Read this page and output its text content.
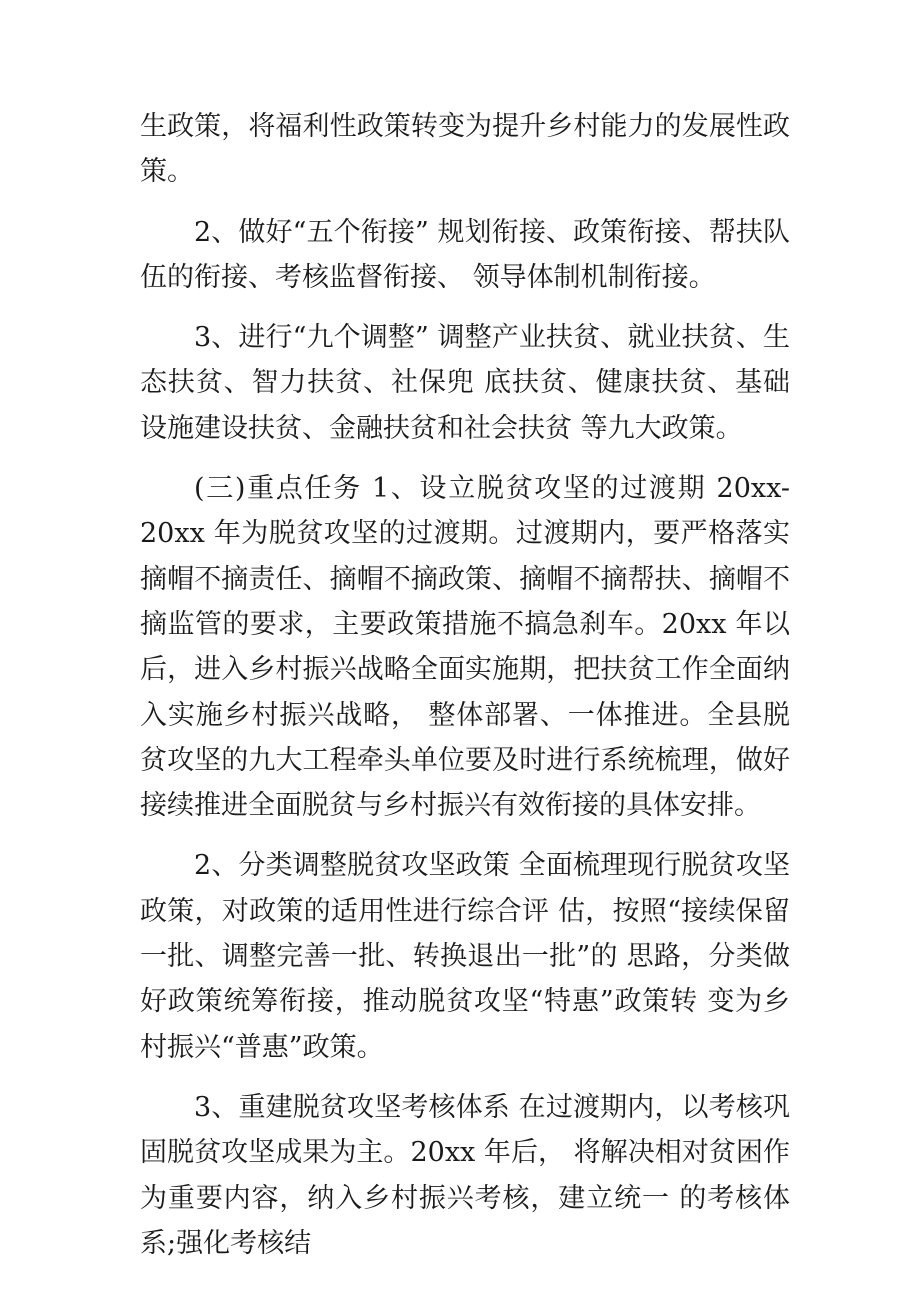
生政策，将福利性政策转变为提升乡村能力的发展性政 策。

2、做好“五个衔接” 规划衔接、政策衔接、帮扶队伍的衔接、考核监督衔接、 领导体制机制衔接。

3、进行“九个调整” 调整产业扶贫、就业扶贫、生态扶贫、智力扶贫、社保兜 底扶贫、健康扶贫、基础设施建设扶贫、金融扶贫和社会扶贫 等九大政策。

(三)重点任务 1、设立脱贫攻坚的过渡期 20xx-20xx 年为脱贫攻坚的过渡期。过渡期内，要严格落实摘帽不摘责任、摘帽不摘政策、摘帽不摘帮扶、摘帽不摘监管的要求，主要政策措施不搞急刹车。20xx 年以后，进入乡村振兴战略全面实施期，把扶贫工作全面纳入实施乡村振兴战略， 整体部署、一体推进。全县脱贫攻坚的九大工程牵头单位要及时进行系统梳理，做好接续推进全面脱贫与乡村振兴有效衔接的具体安排。

2、分类调整脱贫攻坚政策 全面梳理现行脱贫攻坚政策，对政策的适用性进行综合评 估，按照“接续保留一批、调整完善一批、转换退出一批”的 思路，分类做好政策统筹衔接，推动脱贫攻坚“特惠”政策转 变为乡村振兴“普惠”政策。

3、重建脱贫攻坚考核体系 在过渡期内，以考核巩固脱贫攻坚成果为主。20xx 年后， 将解决相对贫困作为重要内容，纳入乡村振兴考核，建立统一 的考核体系;强化考核结
